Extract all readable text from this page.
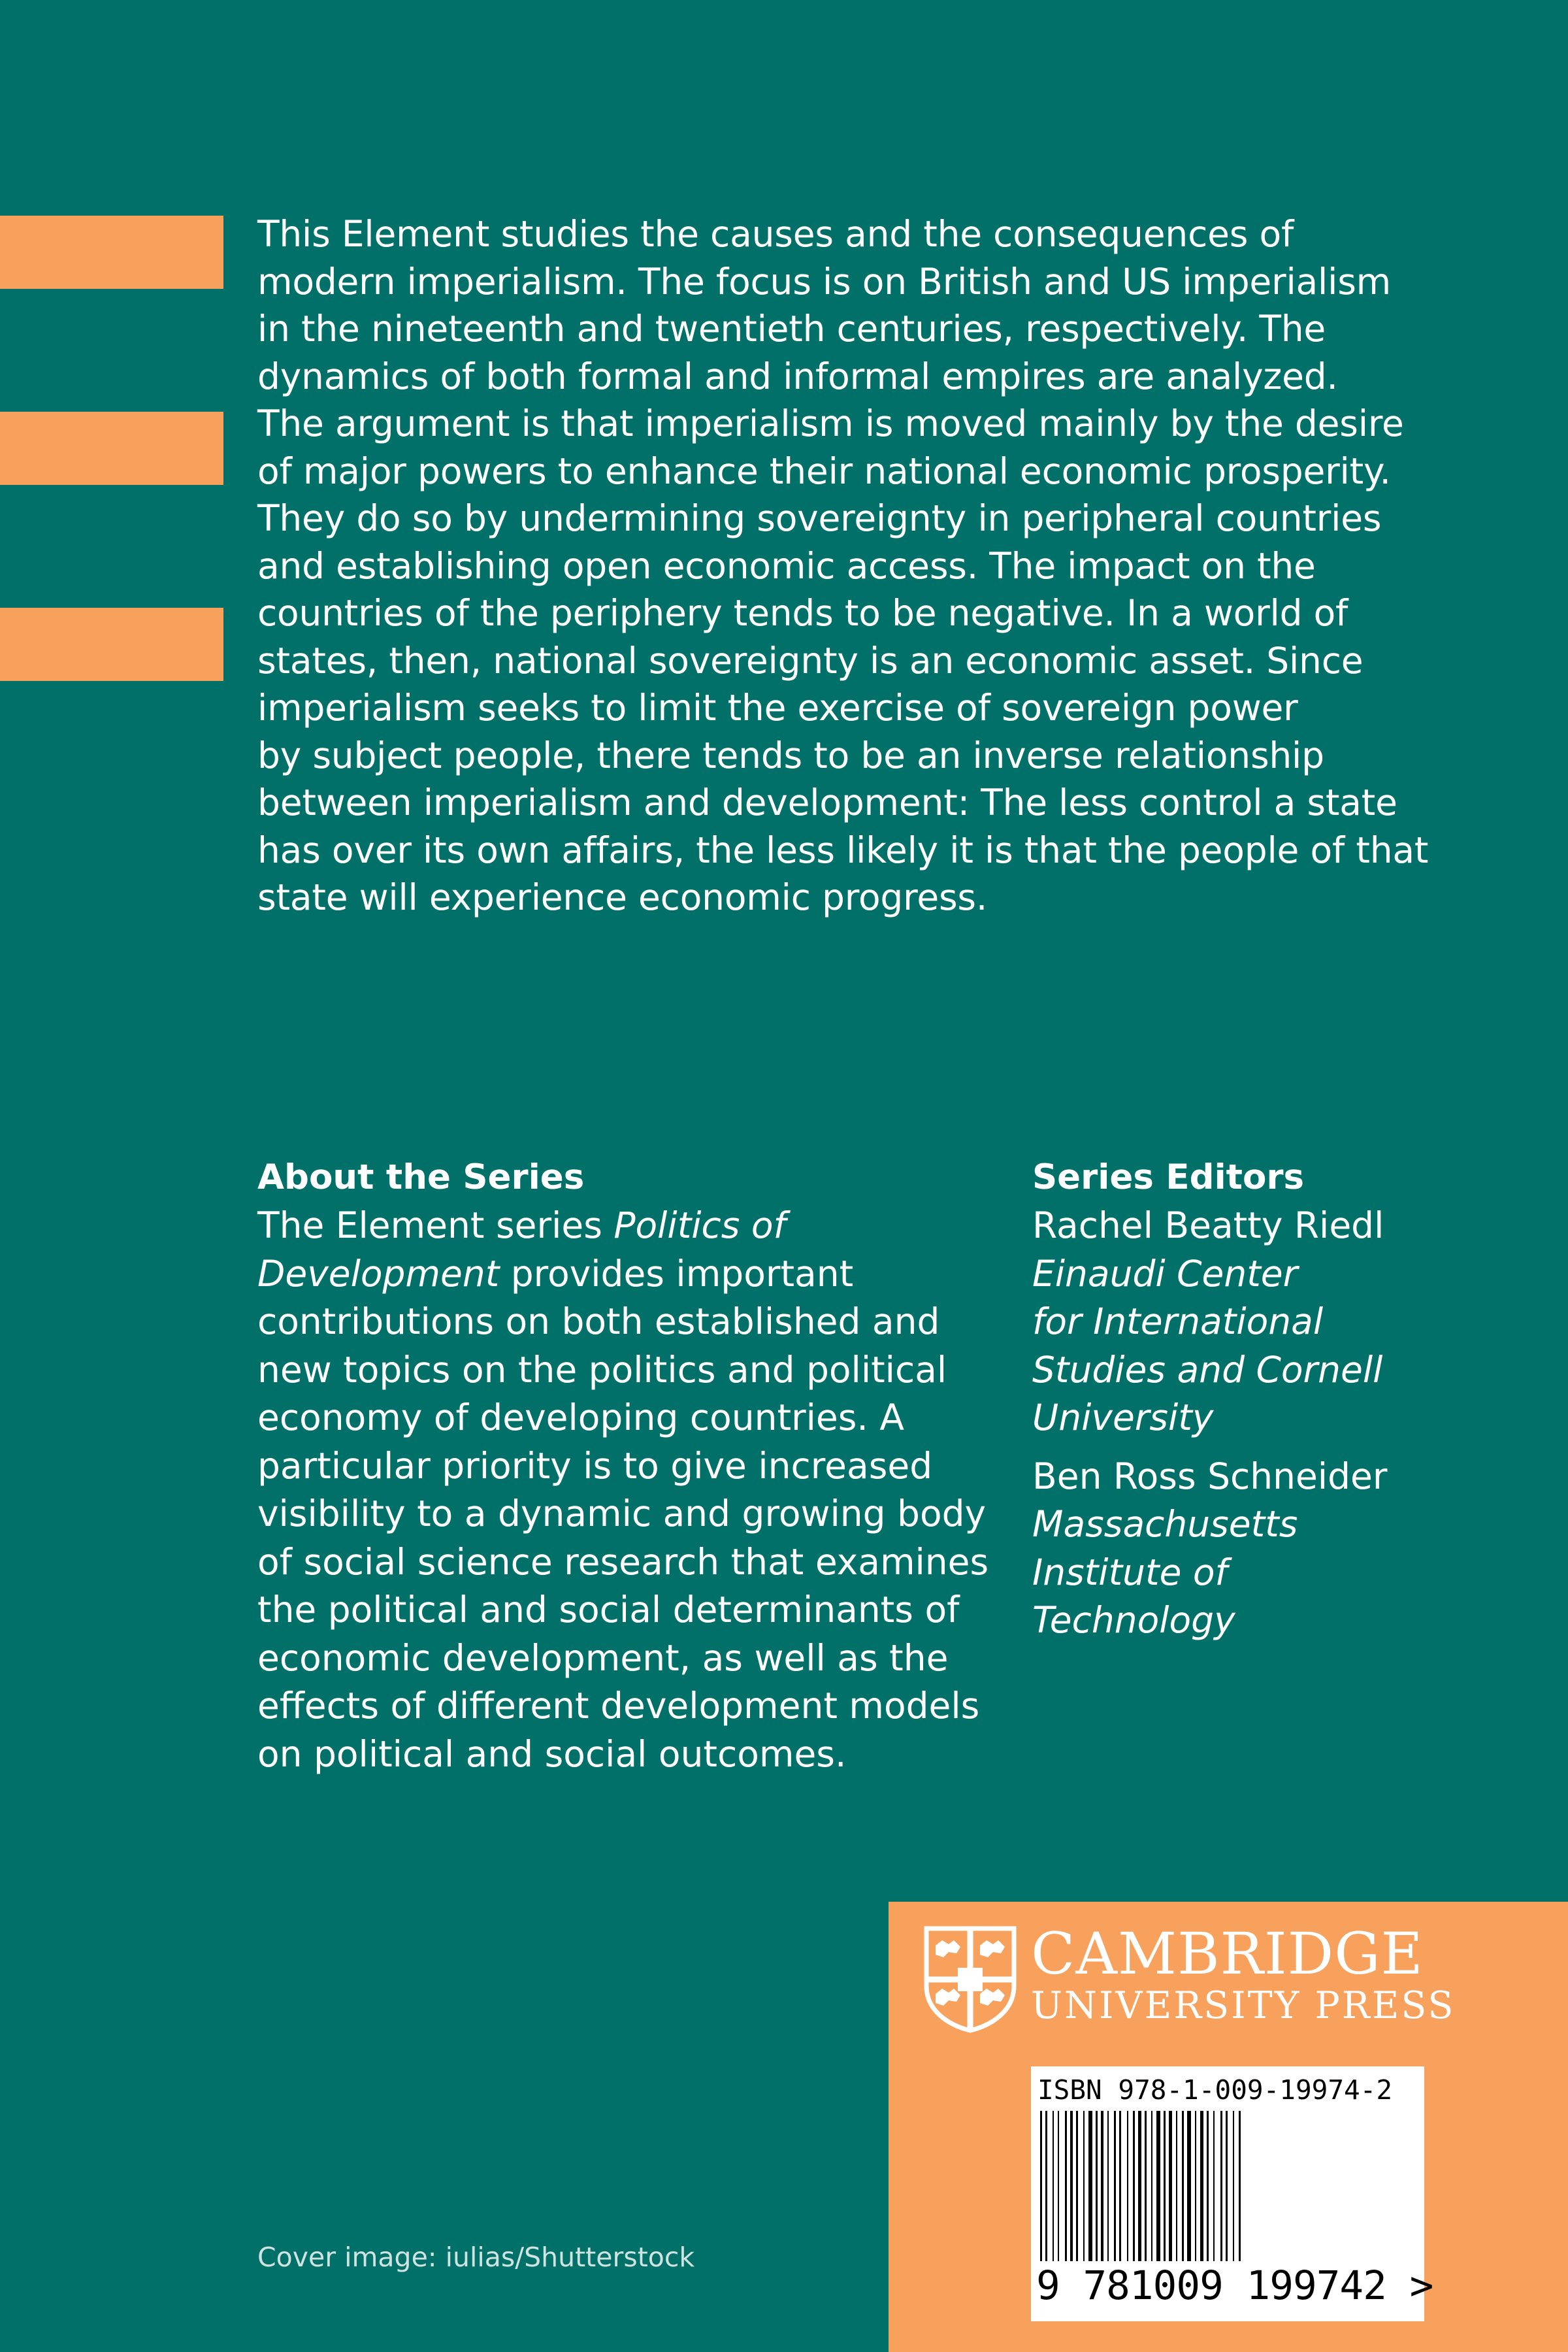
This Element studies the causes and the consequences of
modern imperialism. The focus is on British and US imperialism
in the nineteenth and twentieth centuries, respectively. The
dynamics of both formal and informal empires are analyzed.
The argument is that imperialism is moved mainly by the desire
of major powers to enhance their national economic prosperity.
They do so by undermining sovereignty in peripheral countries
and establishing open economic access. The impact on the
countries of the periphery tends to be negative. In a world of
states, then, national sovereignty is an economic asset. Since
imperialism seeks to limit the exercise of sovereign power
by subject people, there tends to be an inverse relationship
between imperialism and development: The less control a state
has over its own affairs, the less likely it is that the people of that
state will experience economic progress.
About the Series
The Element series Politics of
Development provides important
contributions on both established and
new topics on the politics and political
economy of developing countries. A
particular priority is to give increased
visibility to a dynamic and growing body
of social science research that examines
the political and social determinants of
economic development, as well as the
effects of different development models
on political and social outcomes.
Series Editors
Rachel Beatty Riedl
Einaudi Center
for International
Studies and Cornell
University
Ben Ross Schneider
Massachusetts
Institute of
Technology
Cover image: iulias/Shutterstock
CAMBRIDGE
UNIVERSITY PRESS
ISBN 978-1-009-19974-2
9 781009 199742 >
